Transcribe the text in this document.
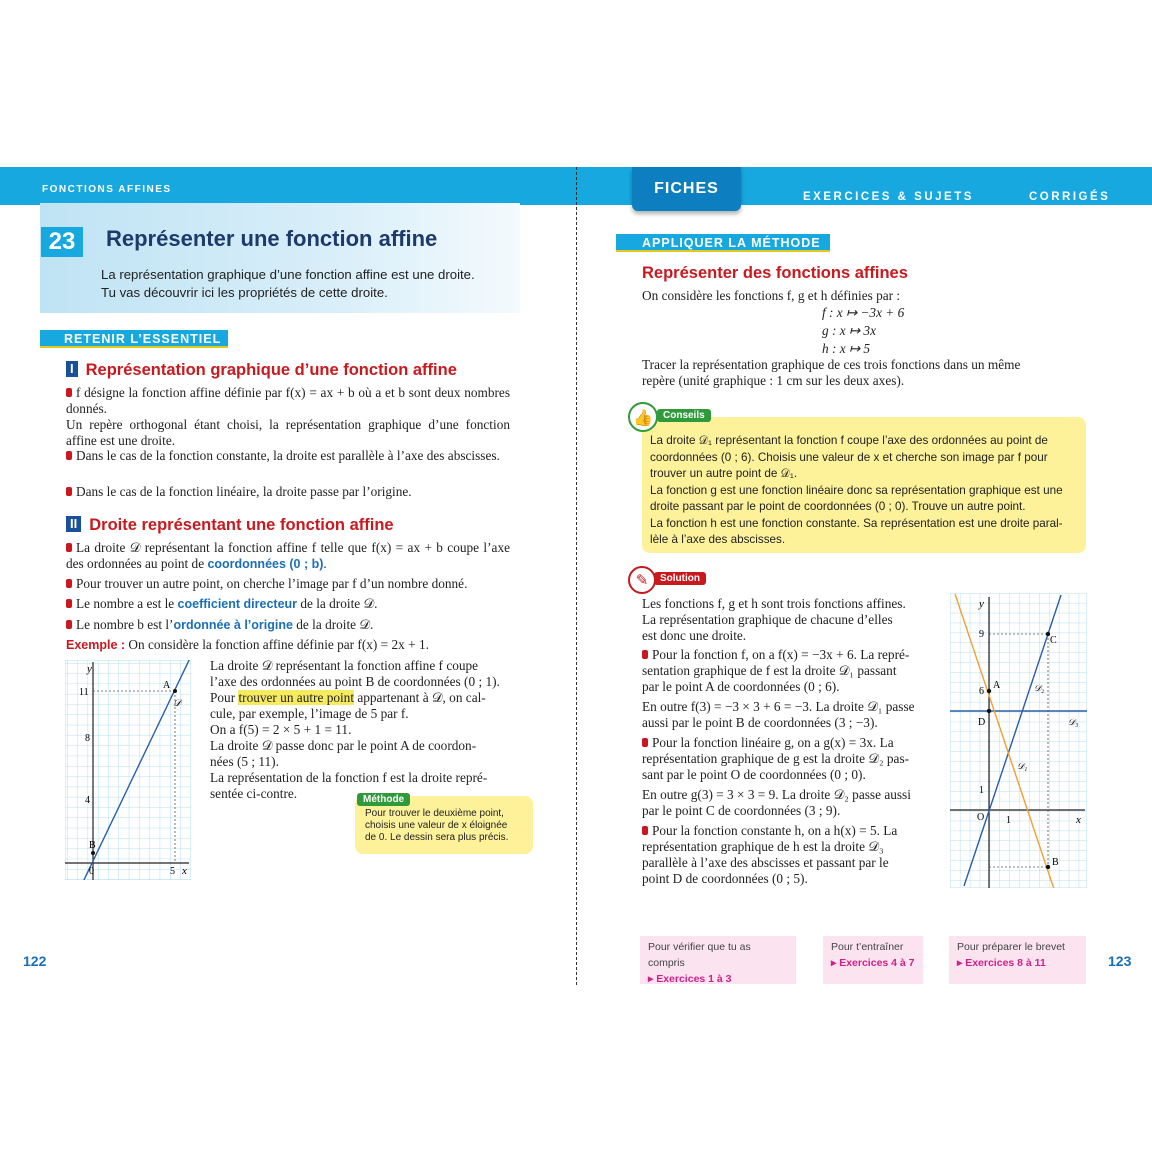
FONCTIONS AFFINES	FICHES	EXERCICES & SUJETS	CORRIGÉS
23	Représenter une fonction affine
La représentation graphique d’une fonction affine est une droite.
Tu vas découvrir ici les propriétés de cette droite.
RETENIR L’ESSENTIEL
I Représentation graphique d’une fonction affine
f désigne la fonction affine définie par f(x) = ax + b où a et b sont deux nombres donnés.
Un repère orthogonal étant choisi, la représentation graphique d’une fonction affine est une droite.
Dans le cas de la fonction constante, la droite est parallèle à l’axe des abscisses.
Dans le cas de la fonction linéaire, la droite passe par l’origine.
II Droite représentant une fonction affine
La droite 𝒟 représentant la fonction affine f telle que f(x) = ax + b coupe l’axe des ordonnées au point de coordonnées (0 ; b).
Pour trouver un autre point, on cherche l’image par f d’un nombre donné.
Le nombre a est le coefficient directeur de la droite 𝒟.
Le nombre b est l’ordonnée à l’origine de la droite 𝒟.
Exemple : On considère la fonction affine définie par f(x) = 2x + 1.
y
x
11
8
4
0	5
A
B
𝒟
La droite 𝒟 représentant la fonction affine f coupe
l’axe des ordonnées au point B de coordonnées (0 ; 1).
Pour trouver un autre point appartenant à 𝒟, on cal-
cule, par exemple, l’image de 5 par f.
On a f(5) = 2 × 5 + 1 = 11.
La droite 𝒟 passe donc par le point A de coordon-
nées (5 ; 11).
La représentation de la fonction f est la droite repré-
sentée ci-contre.
Pour trouver le deuxième point,
choisis une valeur de x éloignée
de 0. Le dessin sera plus précis.
Méthode
122
APPLIQUER LA MÉTHODE
Représenter des fonctions affines
On considère les fonctions f, g et h définies par :
f : x ↦ −3x + 6
g : x ↦ 3x
h : x ↦ 5
Tracer la représentation graphique de ces trois fonctions dans un même
repère (unité graphique : 1 cm sur les deux axes).
La droite 𝒟₁ représentant la fonction f coupe l’axe des ordonnées au point de
coordonnées (0 ; 6). Choisis une valeur de x et cherche son image par f pour
trouver un autre point de 𝒟₁.
La fonction g est une fonction linéaire donc sa représentation graphique est une
droite passant par le point de coordonnées (0 ; 0). Trouve un autre point.
La fonction h est une fonction constante. Sa représentation est une droite paral-
lèle à l’axe des abscisses.
👍	Conseils
✎	Solution
Les fonctions f, g et h sont trois fonctions affines.
La représentation graphique de chacune d’elles
est donc une droite.
Pour la fonction f, on a f(x) = −3x + 6. La repré-
sentation graphique de f est la droite 𝒟₁ passant
par le point A de coordonnées (0 ; 6).
En outre f(3) = −3 × 3 + 6 = −3. La droite 𝒟₁ passe
aussi par le point B de coordonnées (3 ; −3).
Pour la fonction linéaire g, on a g(x) = 3x. La
représentation graphique de g est la droite 𝒟₂ pas-
sant par le point O de coordonnées (0 ; 0).
En outre g(3) = 3 × 3 = 9. La droite 𝒟₂ passe aussi
par le point C de coordonnées (3 ; 9).
Pour la fonction constante h, on a h(x) = 5. La
représentation graphique de h est la droite 𝒟₃
parallèle à l’axe des abscisses et passant par le
point D de coordonnées (0 ; 5).
y
x
9
6
1
O 1
A
B
C
D
𝒟₁
𝒟₂
𝒟₃
Pour vérifier que tu as compris
▸ Exercices 1 à 3
Pour t’entraîner
▸ Exercices 4 à 7
Pour préparer le brevet
▸ Exercices 8 à 11	123
